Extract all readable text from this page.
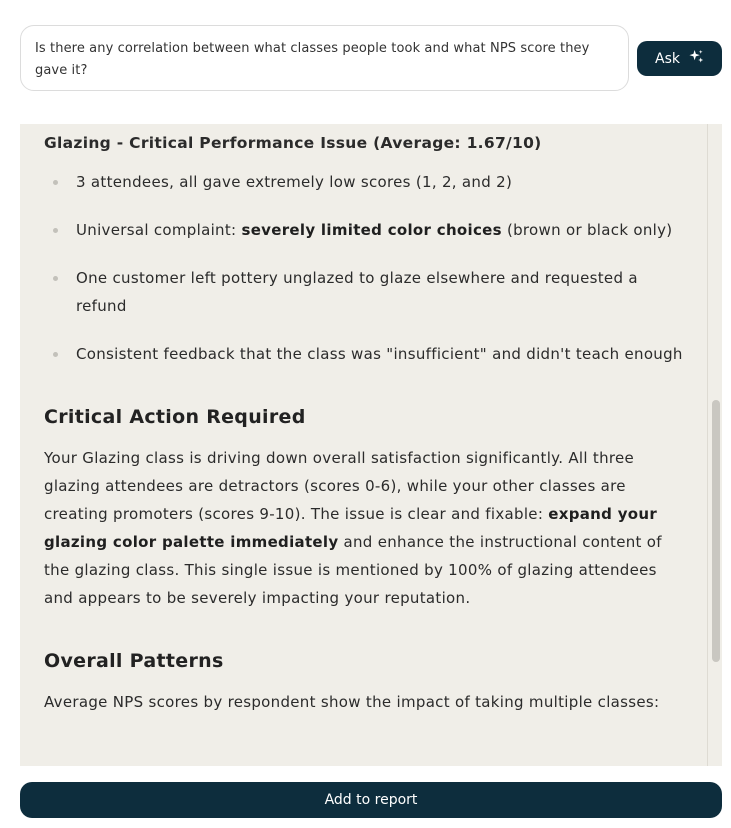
Is there any correlation between what classes people took and what NPS score they gave it?
Ask
Glazing - Critical Performance Issue (Average: 1.67/10)
3 attendees, all gave extremely low scores (1, 2, and 2)
Universal complaint: severely limited color choices (brown or black only)
One customer left pottery unglazed to glaze elsewhere and requested a refund
Consistent feedback that the class was "insufficient" and didn't teach enough
Critical Action Required

Your Glazing class is driving down overall satisfaction significantly. All three glazing attendees are detractors (scores 0-6), while your other classes are creating promoters (scores 9-10). The issue is clear and fixable: expand your glazing color palette immediately and enhance the instructional content of the glazing class. This single issue is mentioned by 100% of glazing attendees and appears to be severely impacting your reputation.

Overall Patterns

Average NPS scores by respondent show the impact of taking multiple classes:

Add to report
